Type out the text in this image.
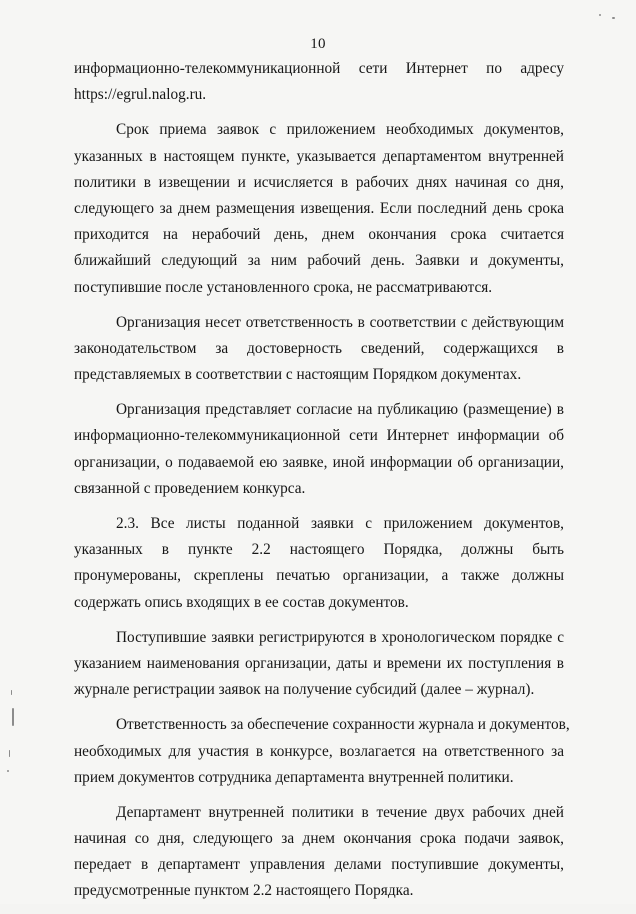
10
информационно-телекоммуникационной сети Интернет по адресу
https://egrul.nalog.ru.
Срок приема заявок с приложением необходимых документов,
указанных в настоящем пункте, указывается департаментом внутренней
политики в извещении и исчисляется в рабочих днях начиная со дня,
следующего за днем размещения извещения. Если последний день срока
приходится на нерабочий день, днем окончания срока считается
ближайший следующий за ним рабочий день. Заявки и документы,
поступившие после установленного срока, не рассматриваются.
Организация несет ответственность в соответствии с действующим
законодательством за достоверность сведений, содержащихся в
представляемых в соответствии с настоящим Порядком документах.
Организация представляет согласие на публикацию (размещение) в
информационно-телекоммуникационной сети Интернет информации об
организации, о подаваемой ею заявке, иной информации об организации,
связанной с проведением конкурса.
2.3. Все листы поданной заявки с приложением документов,
указанных в пункте 2.2 настоящего Порядка, должны быть
пронумерованы, скреплены печатью организации, а также должны
содержать опись входящих в ее состав документов.
Поступившие заявки регистрируются в хронологическом порядке с
указанием наименования организации, даты и времени их поступления в
журнале регистрации заявок на получение субсидий (далее – журнал).
Ответственность за обеспечение сохранности журнала и документов,
необходимых для участия в конкурсе, возлагается на ответственного за
прием документов сотрудника департамента внутренней политики.
Департамент внутренней политики в течение двух рабочих дней
начиная со дня, следующего за днем окончания срока подачи заявок,
передает в департамент управления делами поступившие документы,
предусмотренные пунктом 2.2 настоящего Порядка.
